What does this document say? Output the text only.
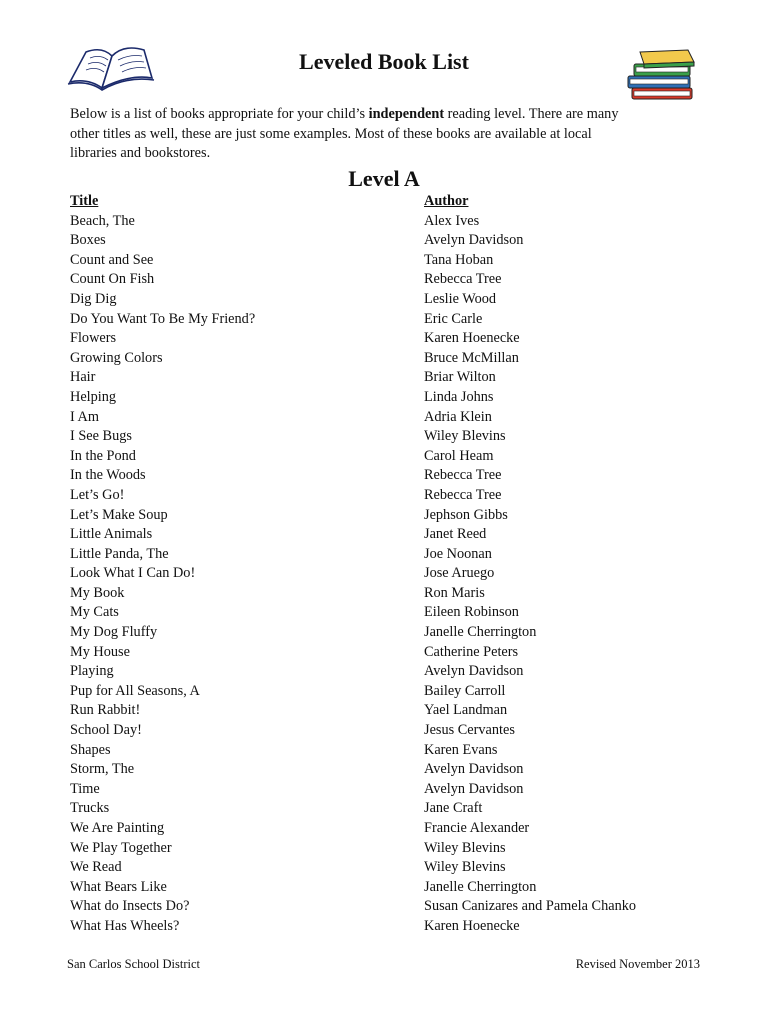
Leveled Book List
Below is a list of books appropriate for your child’s independent reading level. There are many
other titles as well, these are just some examples. Most of these books are available at local
libraries and bookstores.
Level A
Title	Author
Beach, The	Alex Ives
Boxes	Avelyn Davidson
Count and See	Tana Hoban
Count On Fish	Rebecca Tree
Dig Dig	Leslie Wood
Do You Want To Be My Friend?	Eric Carle
Flowers	Karen Hoenecke
Growing Colors	Bruce McMillan
Hair	Briar Wilton
Helping	Linda Johns
I Am	Adria Klein
I See Bugs	Wiley Blevins
In the Pond	Carol Heam
In the Woods	Rebecca Tree
Let’s Go!	Rebecca Tree
Let’s Make Soup	Jephson Gibbs
Little Animals	Janet Reed
Little Panda, The	Joe Noonan
Look What I Can Do!	Jose Aruego
My Book	Ron Maris
My Cats	Eileen Robinson
My Dog Fluffy	Janelle Cherrington
My House	Catherine Peters
Playing	Avelyn Davidson
Pup for All Seasons, A	Bailey Carroll
Run Rabbit!	Yael Landman
School Day!	Jesus Cervantes
Shapes	Karen Evans
Storm, The	Avelyn Davidson
Time	Avelyn Davidson
Trucks	Jane Craft
We Are Painting	Francie Alexander
We Play Together	Wiley Blevins
We Read	Wiley Blevins
What Bears Like	Janelle Cherrington
What do Insects Do?	Susan Canizares and Pamela Chanko
What Has Wheels?	Karen Hoenecke
San Carlos School District	Revised November 2013
